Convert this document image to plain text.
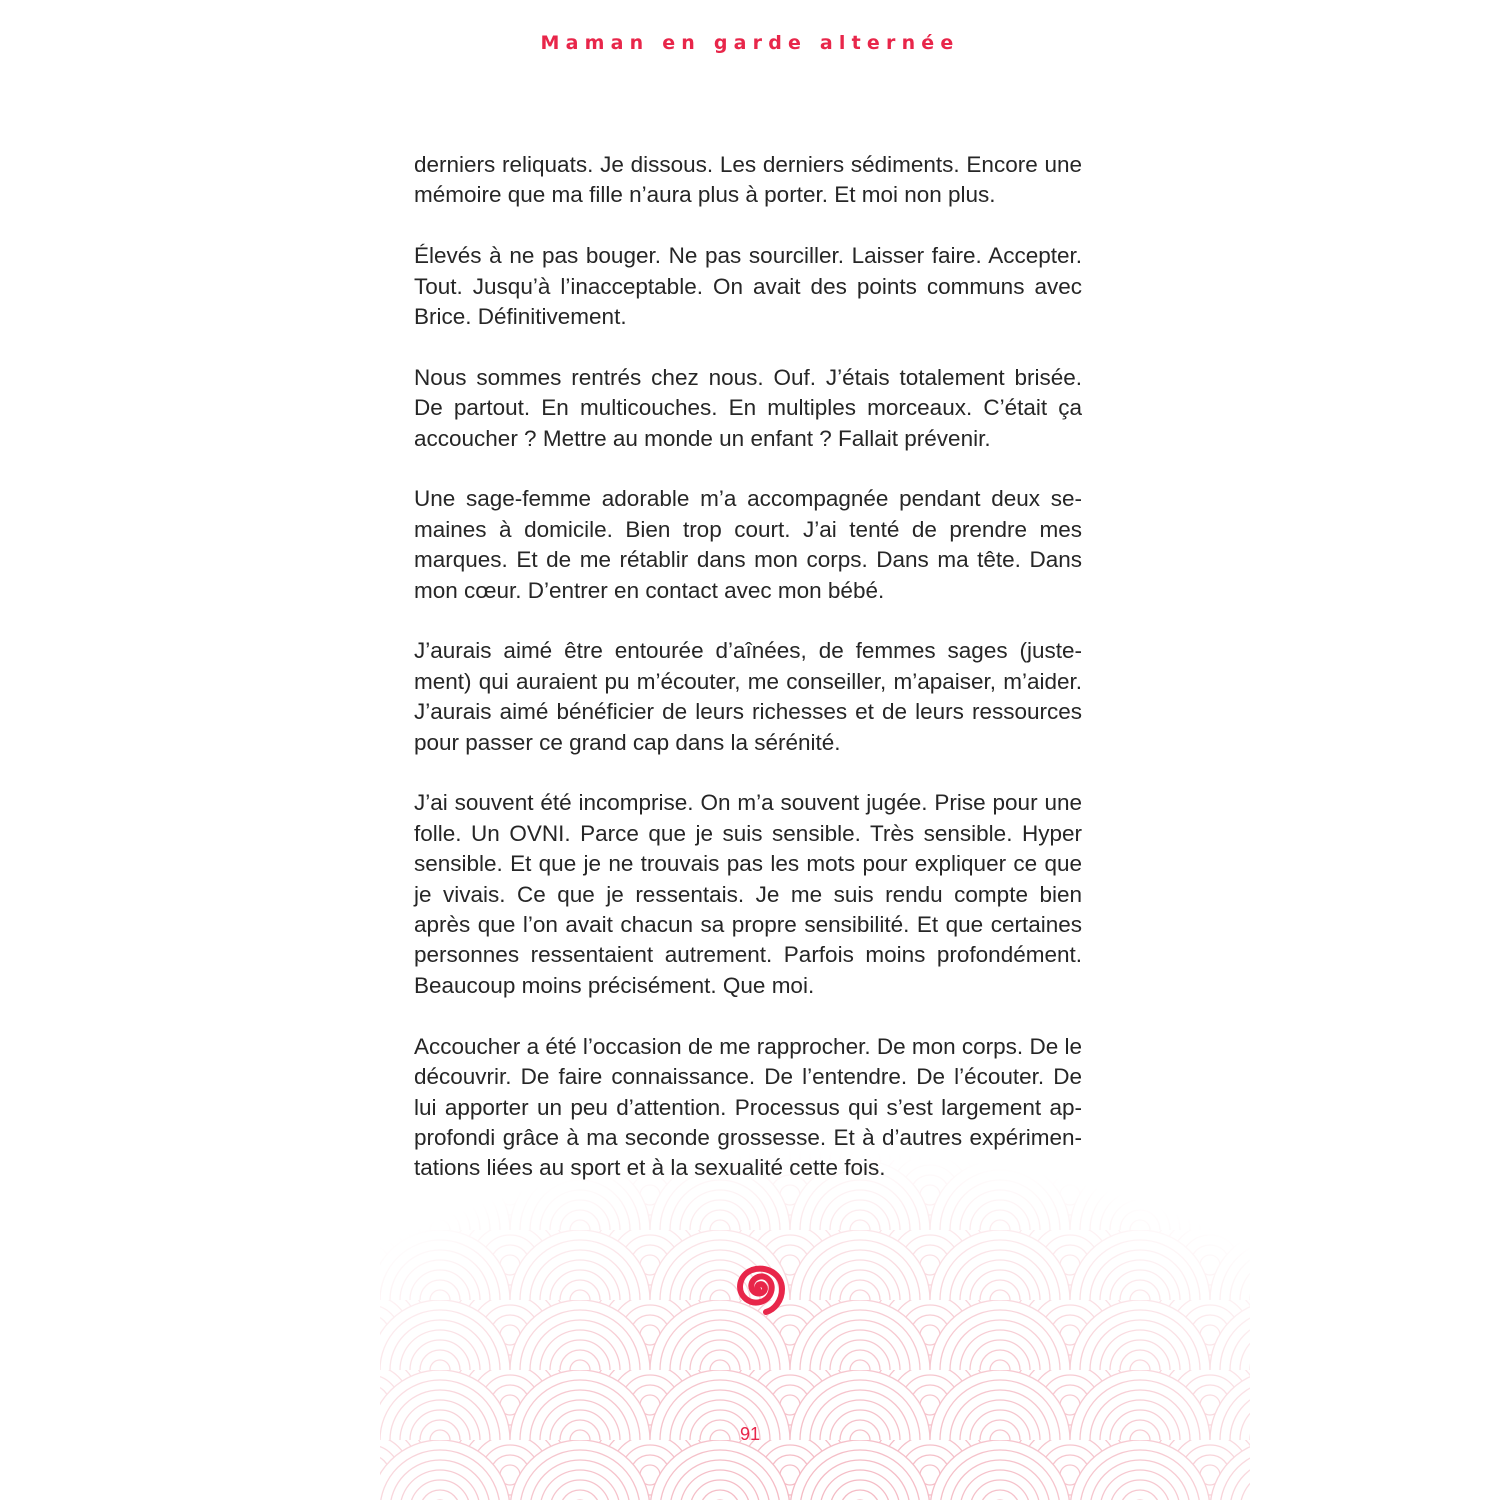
Maman en garde alternée

derniers reliquats. Je dissous. Les derniers sédiments. Encore une mémoire que ma fille n’aura plus à porter. Et moi non plus.

Élevés à ne pas bouger. Ne pas sourciller. Laisser faire. Accepter. Tout. Jusqu’à l’inacceptable. On avait des points communs avec Brice. Définitivement.

Nous sommes rentrés chez nous. Ouf. J’étais totalement brisée. De partout. En multicouches. En multiples morceaux. C’était ça accoucher ? Mettre au monde un enfant ? Fallait prévenir.

Une sage-femme adorable m’a accompagnée pendant deux semaines à domicile. Bien trop court. J’ai tenté de prendre mes marques. Et de me rétablir dans mon corps. Dans ma tête. Dans mon cœur. D’entrer en contact avec mon bébé.

J’aurais aimé être entourée d’aînées, de femmes sages (justement) qui auraient pu m’écouter, me conseiller, m’apaiser, m’aider. J’aurais aimé bénéficier de leurs richesses et de leurs ressources pour passer ce grand cap dans la sérénité.

J’ai souvent été incomprise. On m’a souvent jugée. Prise pour une folle. Un OVNI. Parce que je suis sensible. Très sensible. Hyper sensible. Et que je ne trouvais pas les mots pour expliquer ce que je vivais. Ce que je ressentais. Je me suis rendu compte bien après que l’on avait chacun sa propre sensibilité. Et que certaines personnes ressentaient autrement. Parfois moins profondément. Beaucoup moins précisément. Que moi.

Accoucher a été l’occasion de me rapprocher. De mon corps. De le découvrir. De faire connaissance. De l’entendre. De l’écouter. De lui apporter un peu d’attention. Processus qui s’est largement approfondi grâce à ma seconde grossesse. Et à d’autres expérimentations liées au sport et à la sexualité cette fois.

91
